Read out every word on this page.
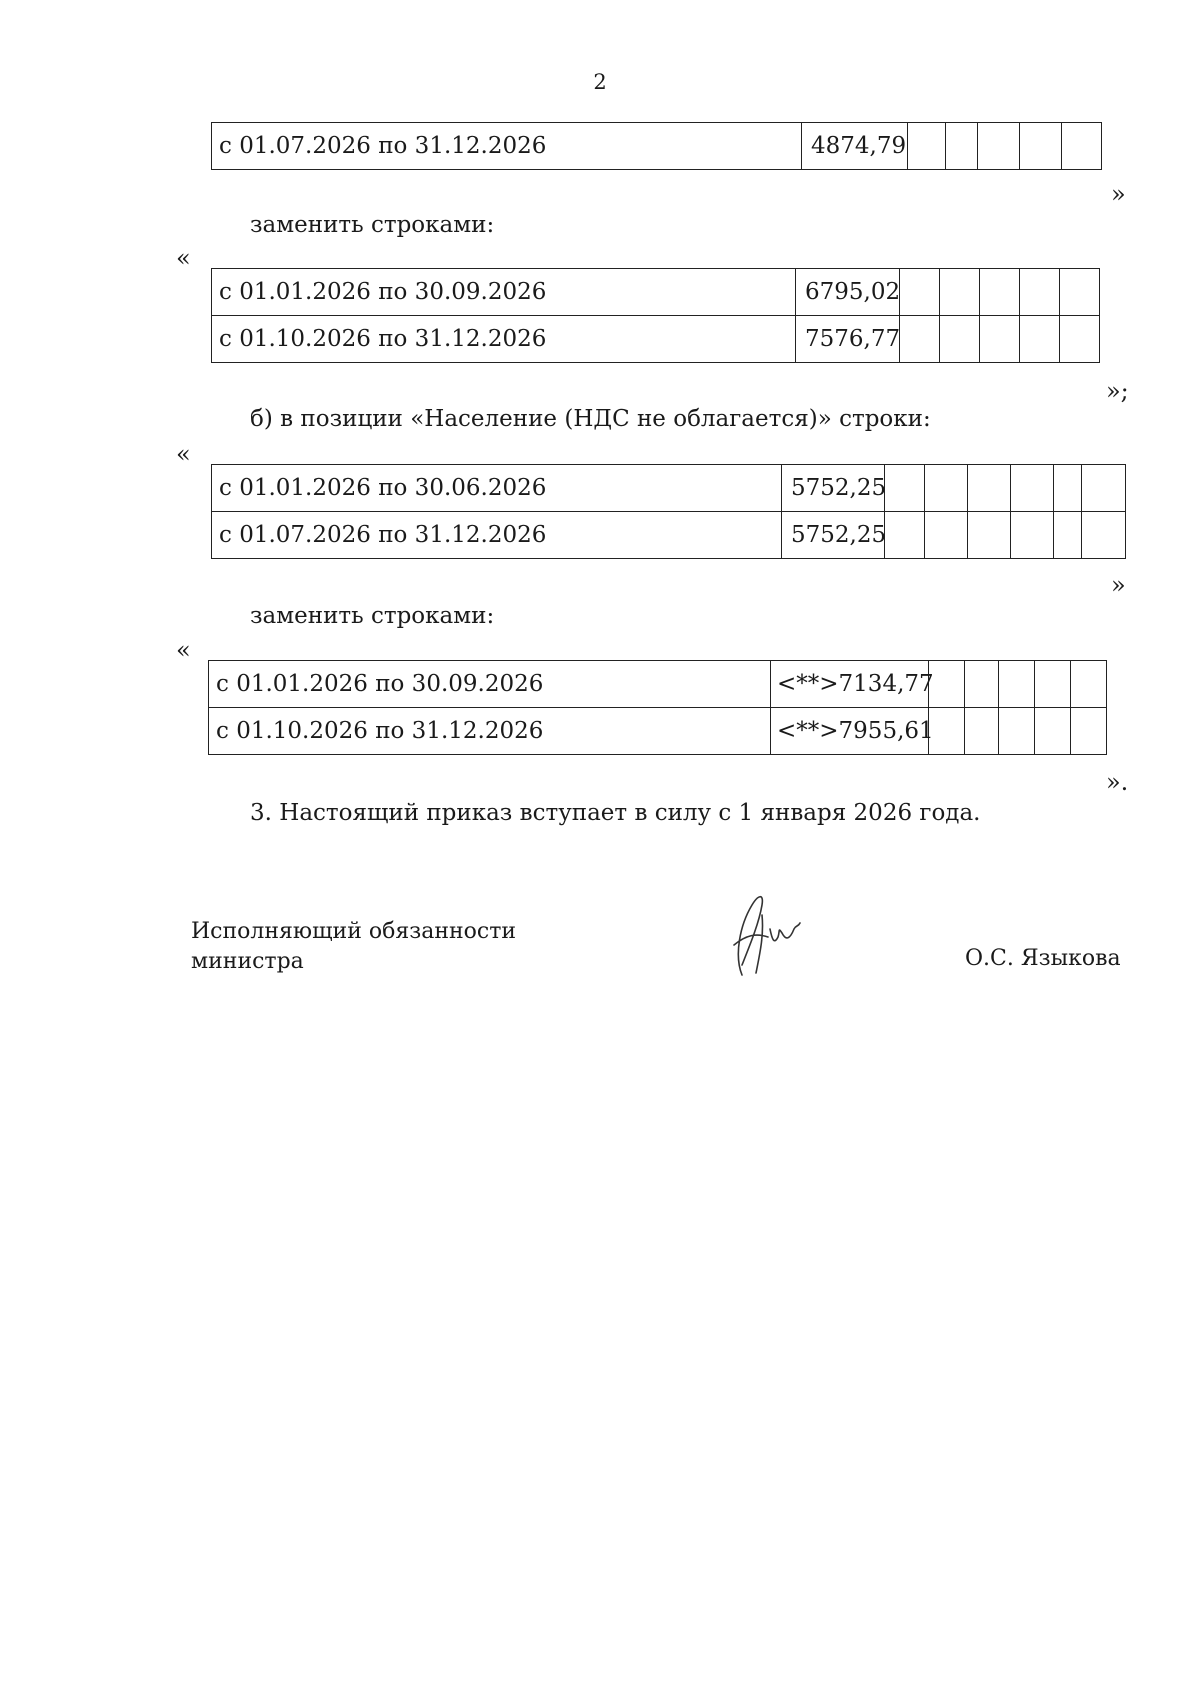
2
с 01.07.2026 по 31.12.2026	4874,79					
»
заменить строками:
«
с 01.01.2026 по 30.09.2026	6795,02					
с 01.10.2026 по 31.12.2026	7576,77					
»;
б) в позиции «Население (НДС не облагается)» строки:
«
с 01.01.2026 по 30.06.2026	5752,25						
с 01.07.2026 по 31.12.2026	5752,25						
»
заменить строками:
«
с 01.01.2026 по 30.09.2026	<**>7134,77					
с 01.10.2026 по 31.12.2026	<**>7955,61					
».
3. Настоящий приказ вступает в силу с 1 января 2026 года.
Исполняющий обязанности
министра	О.С. Языкова
